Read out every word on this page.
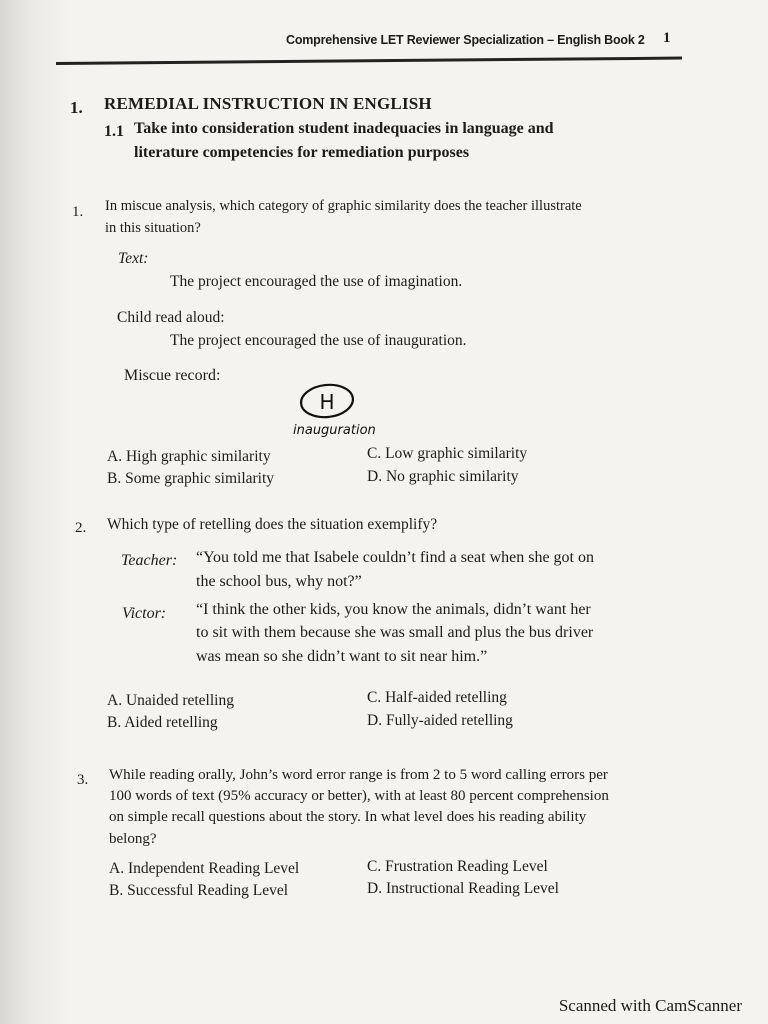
Comprehensive LET Reviewer Specialization – English Book 2 1
1. REMEDIAL INSTRUCTION IN ENGLISH
1.1 Take into consideration student inadequacies in language and
literature competencies for remediation purposes
1. In miscue analysis, which category of graphic similarity does the teacher illustrate
in this situation?
Text:
The project encouraged the use of imagination.
Child read aloud:
The project encouraged the use of inauguration.
Miscue record:
H
inauguration
A. High graphic similarity
B. Some graphic similarity
C. Low graphic similarity
D. No graphic similarity
2. Which type of retelling does the situation exemplify?
Teacher: “You told me that Isabele couldn’t find a seat when she got on
the school bus, why not?”
Victor: “I think the other kids, you know the animals, didn’t want her
to sit with them because she was small and plus the bus driver
was mean so she didn’t want to sit near him.”
A. Unaided retelling
B. Aided retelling
C. Half-aided retelling
D. Fully-aided retelling
3. While reading orally, John’s word error range is from 2 to 5 word calling errors per
100 words of text (95% accuracy or better), with at least 80 percent comprehension
on simple recall questions about the story. In what level does his reading ability
belong?
A. Independent Reading Level
B. Successful Reading Level
C. Frustration Reading Level
D. Instructional Reading Level
Scanned with CamScanner
